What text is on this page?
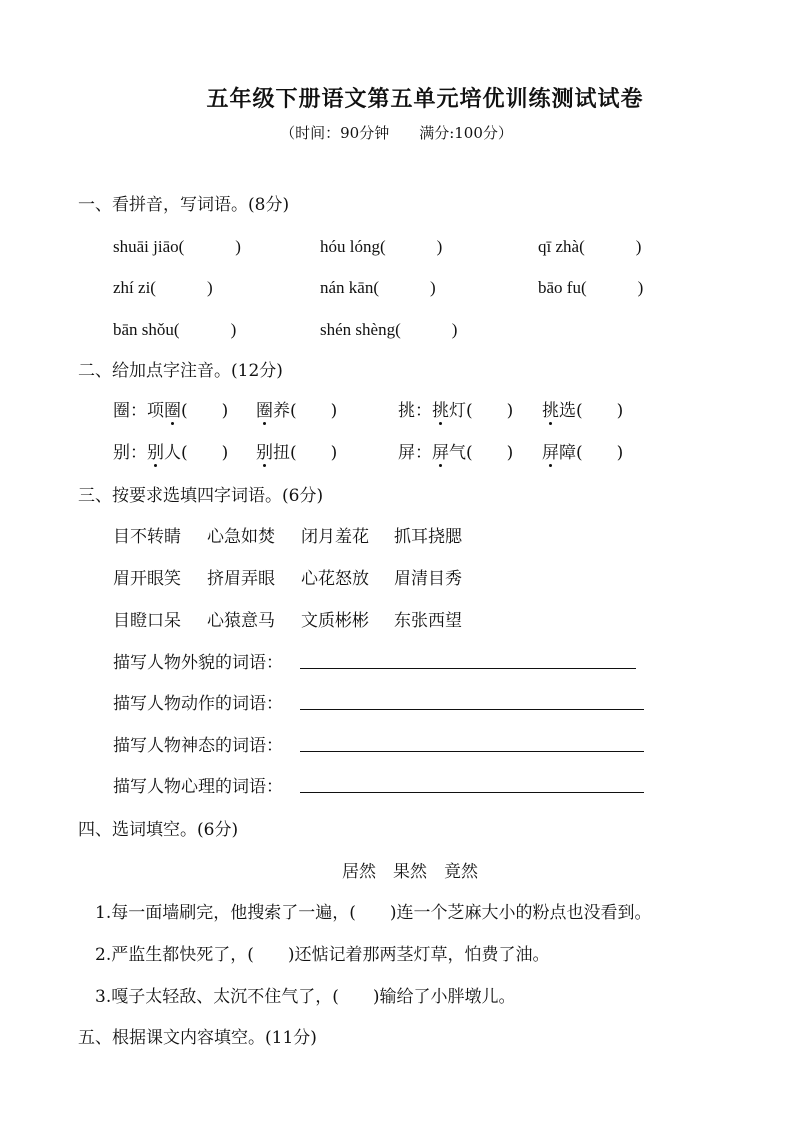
五年级下册语文第五单元培优训练测试试卷
（时间：90分钟　　满分:100分）
一、看拼音，写词语。(8分)
shuāi jiāo(　　　)	hóu lóng(　　　)	qī zhà(　　　)
zhí zi(　　　)	nán kān(　　　)	bāo fu(　　　)
bān shǒu(　　　)	shén shèng(　　　)
二、给加点字注音。(12分)
圈：项圈(　　) 圈养(　　)	挑：挑灯(　　) 挑选(　　)
别：别人(　　) 别扭(　　)	屏：屏气(　　) 屏障(　　)
三、按要求选填四字词语。(6分)
目不转睛 心急如焚 闭月羞花 抓耳挠腮
眉开眼笑 挤眉弄眼 心花怒放 眉清目秀
目瞪口呆 心猿意马 文质彬彬 东张西望
描写人物外貌的词语：
描写人物动作的词语：
描写人物神态的词语：
描写人物心理的词语：
四、选词填空。(6分)
居然　果然　竟然
1.每一面墙刷完，他搜索了一遍，(　　)连一个芝麻大小的粉点也没看到。
2.严监生都快死了，(　　)还惦记着那两茎灯草，怕费了油。
3.嘎子太轻敌、太沉不住气了，(　　)输给了小胖墩儿。
五、根据课文内容填空。(11分)
